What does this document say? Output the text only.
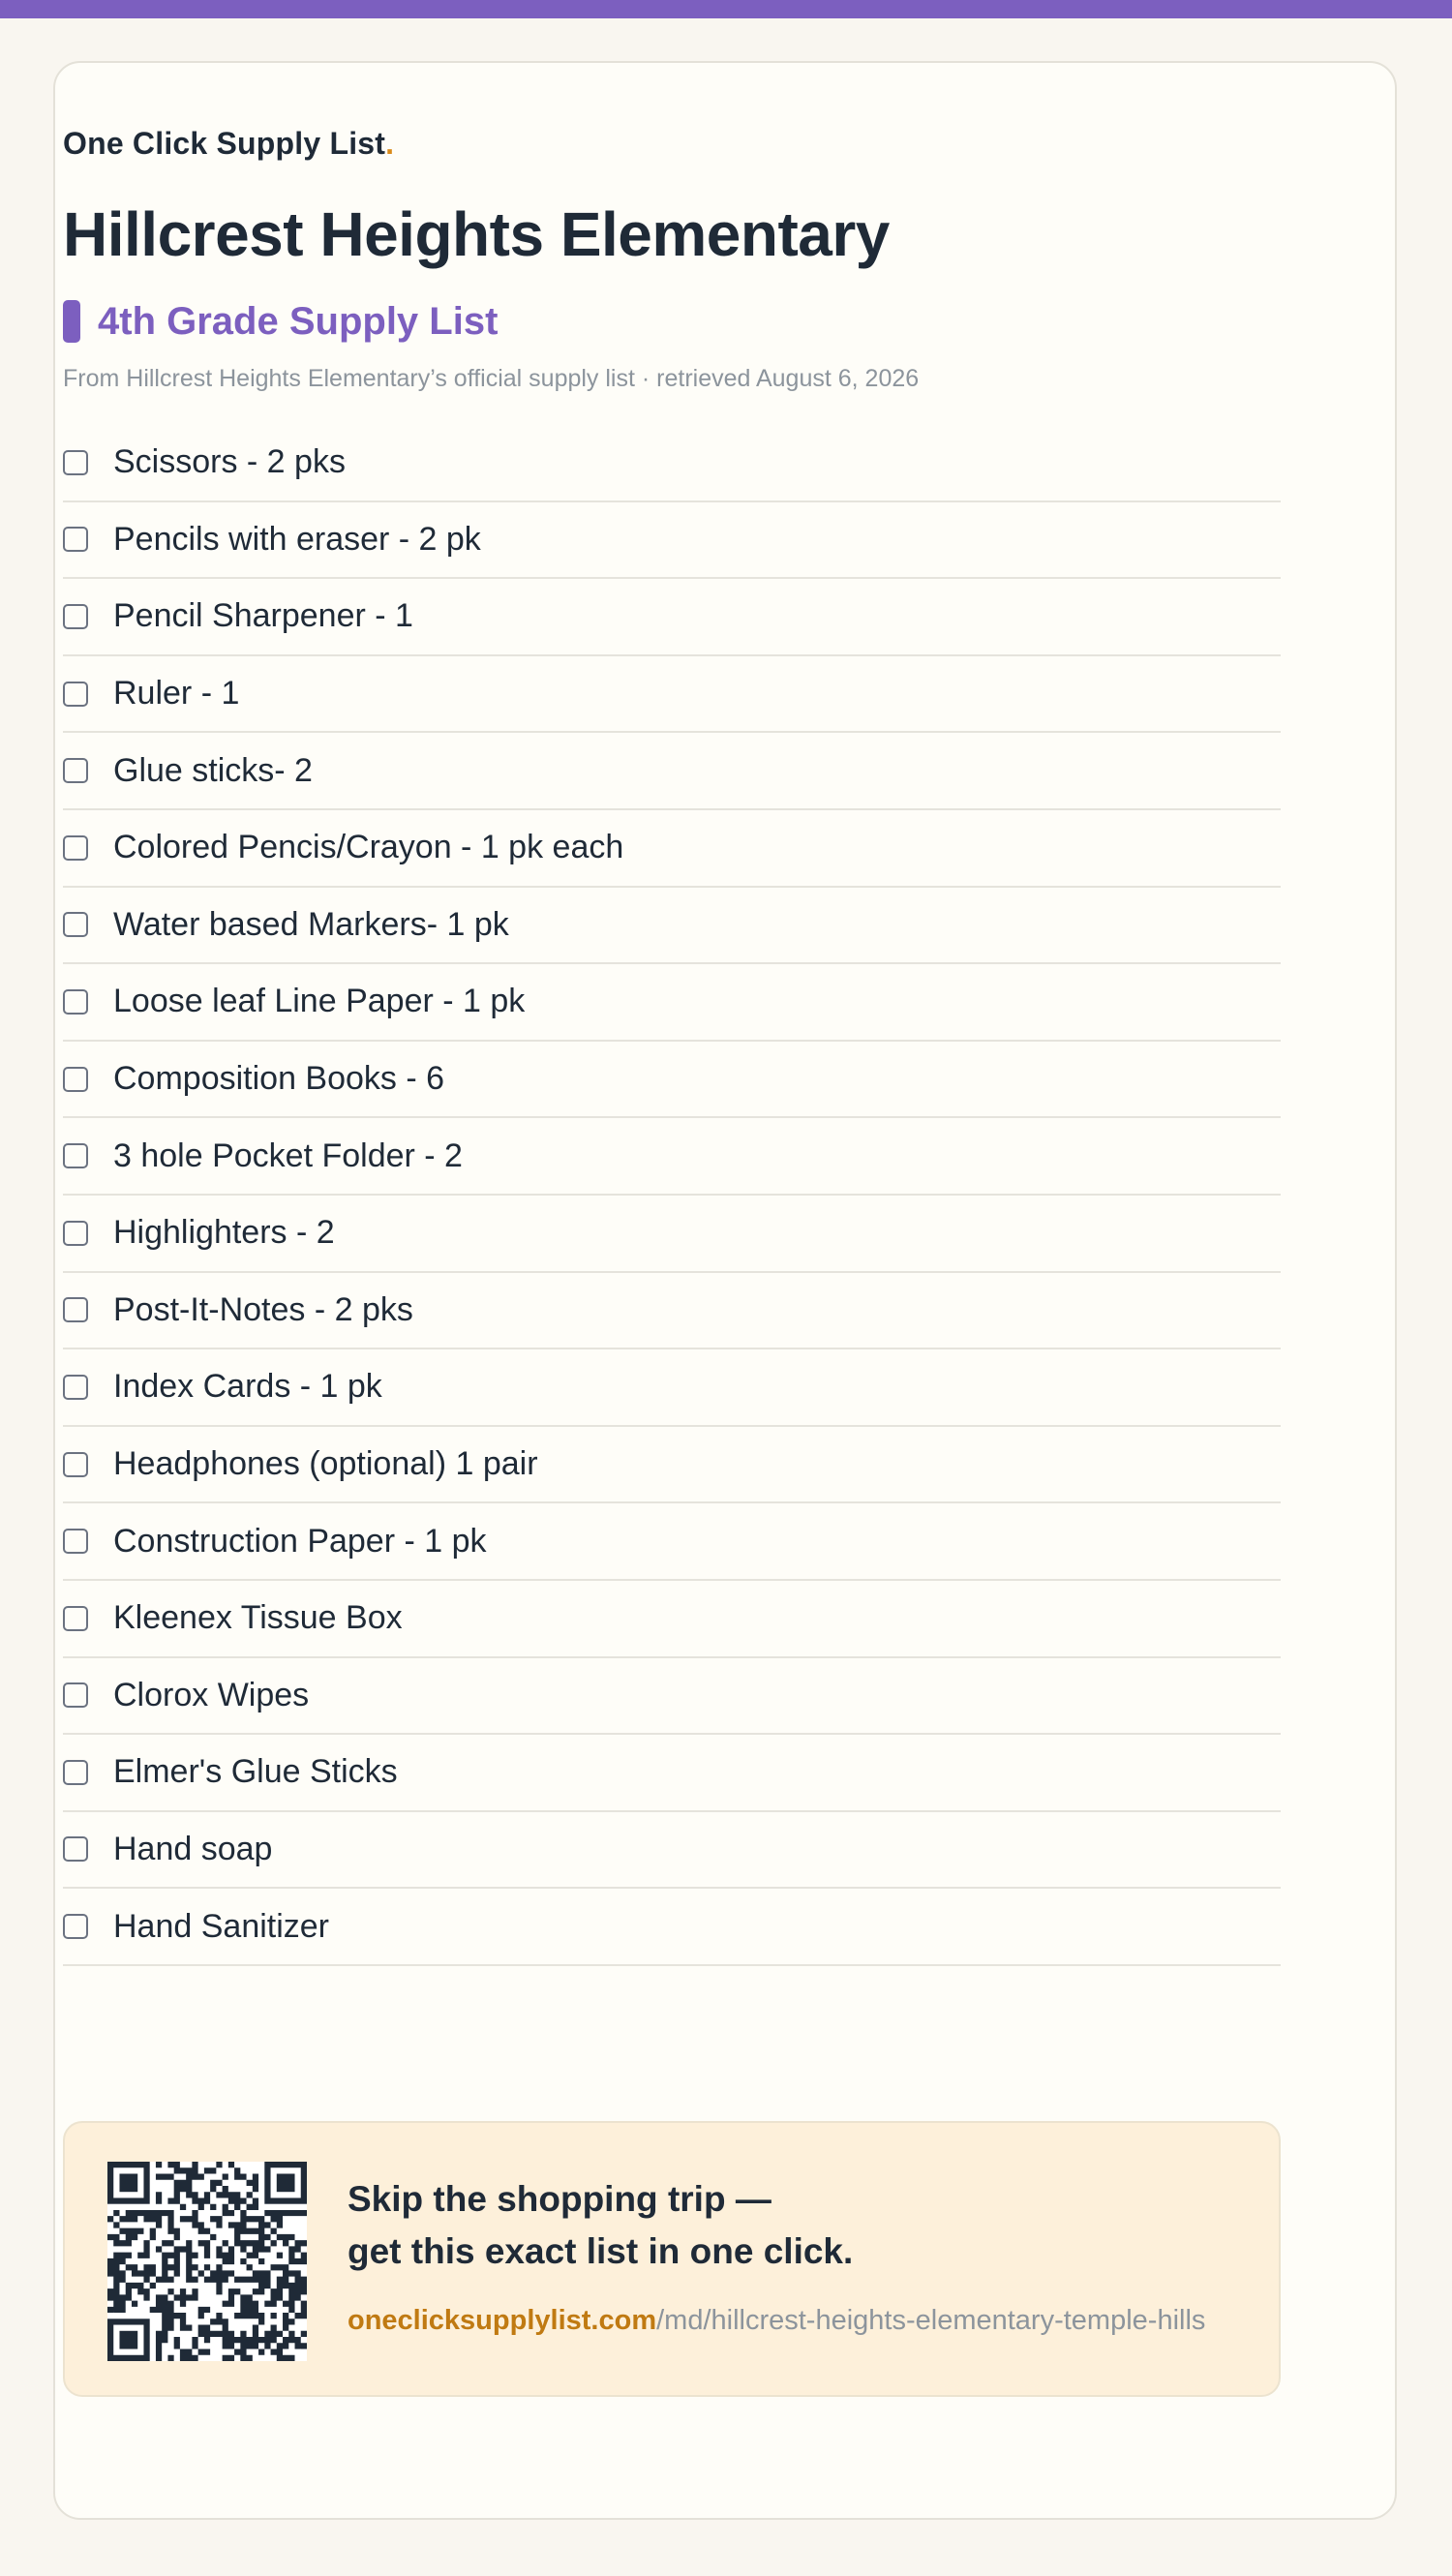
One Click Supply List.
Hillcrest Heights Elementary
4th Grade Supply List
From Hillcrest Heights Elementary’s official supply list · retrieved August 6, 2026
Scissors - 2 pks
Pencils with eraser - 2 pk
Pencil Sharpener - 1
Ruler - 1
Glue sticks- 2
Colored Pencis/Crayon - 1 pk each
Water based Markers- 1 pk
Loose leaf Line Paper - 1 pk
Composition Books - 6
3 hole Pocket Folder - 2
Highlighters - 2
Post-It-Notes - 2 pks
Index Cards - 1 pk
Headphones (optional) 1 pair
Construction Paper - 1 pk
Kleenex Tissue Box
Clorox Wipes
Elmer's Glue Sticks
Hand soap
Hand Sanitizer
Skip the shopping trip —
get this exact list in one click.
oneclicksupplylist.com/md/hillcrest-heights-elementary-temple-hills
